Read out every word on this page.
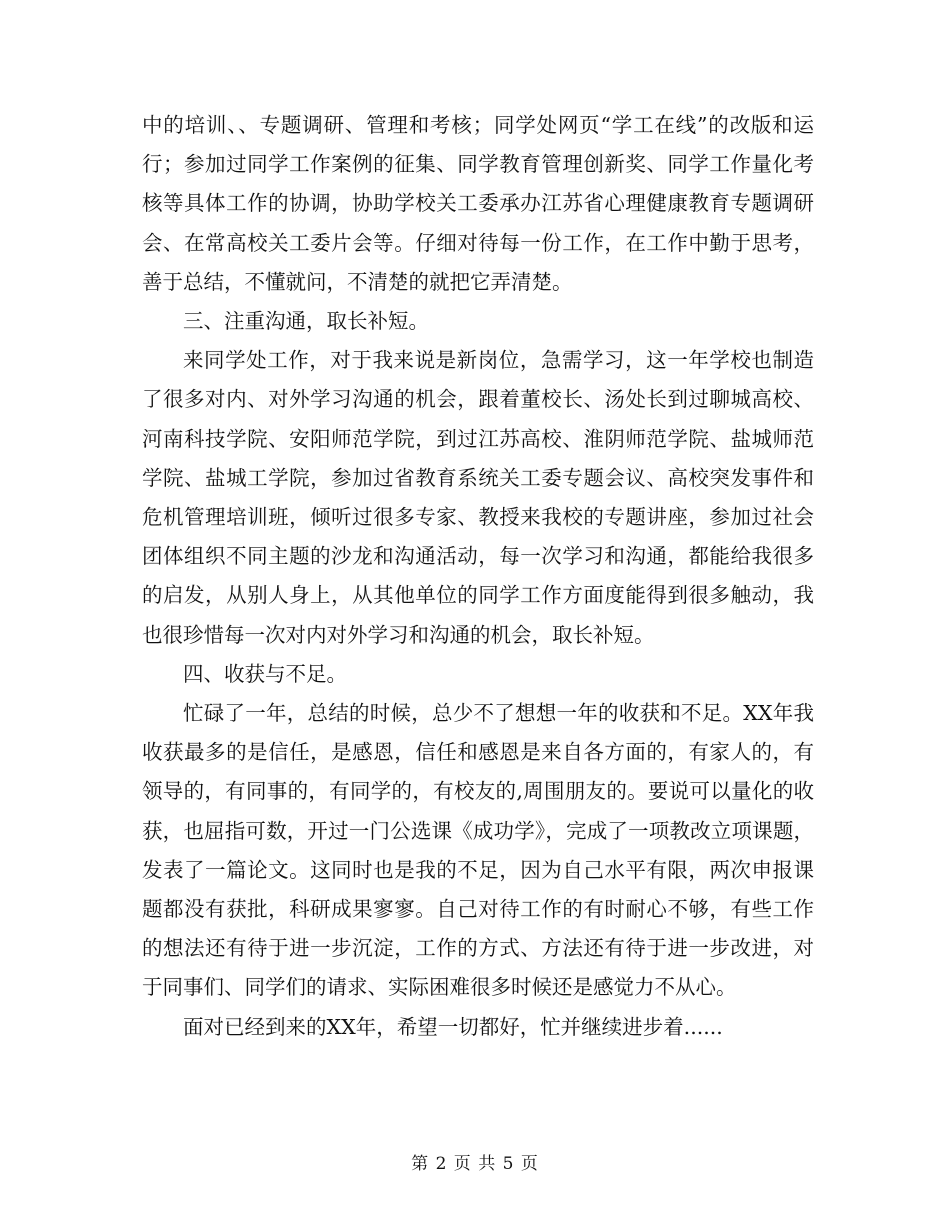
中的培训、、专题调研、管理和考核；同学处网页“学工在线”的改版和运行；参加过同学工作案例的征集、同学教育管理创新奖、同学工作量化考核等具体工作的协调，协助学校关工委承办江苏省心理健康教育专题调研会、在常高校关工委片会等。仔细对待每一份工作，在工作中勤于思考，善于总结，不懂就问，不清楚的就把它弄清楚。

三、注重沟通，取长补短。

来同学处工作，对于我来说是新岗位，急需学习，这一年学校也制造了很多对内、对外学习沟通的机会，跟着董校长、汤处长到过聊城高校、河南科技学院、安阳师范学院，到过江苏高校、淮阴师范学院、盐城师范学院、盐城工学院，参加过省教育系统关工委专题会议、高校突发事件和危机管理培训班，倾听过很多专家、教授来我校的专题讲座，参加过社会团体组织不同主题的沙龙和沟通活动，每一次学习和沟通，都能给我很多的启发，从别人身上，从其他单位的同学工作方面度能得到很多触动，我也很珍惜每一次对内对外学习和沟通的机会，取长补短。

四、收获与不足。

忙碌了一年，总结的时候，总少不了想想一年的收获和不足。XX年我收获最多的是信任，是感恩，信任和感恩是来自各方面的，有家人的，有领导的，有同事的，有同学的，有校友的,周围朋友的。要说可以量化的收获，也屈指可数，开过一门公选课《成功学》，完成了一项教改立项课题，发表了一篇论文。这同时也是我的不足，因为自己水平有限，两次申报课题都没有获批，科研成果寥寥。自己对待工作的有时耐心不够，有些工作的想法还有待于进一步沉淀，工作的方式、方法还有待于进一步改进，对于同事们、同学们的请求、实际困难很多时候还是感觉力不从心。

面对已经到来的XX年，希望一切都好，忙并继续进步着......

第 2 页 共 5 页
